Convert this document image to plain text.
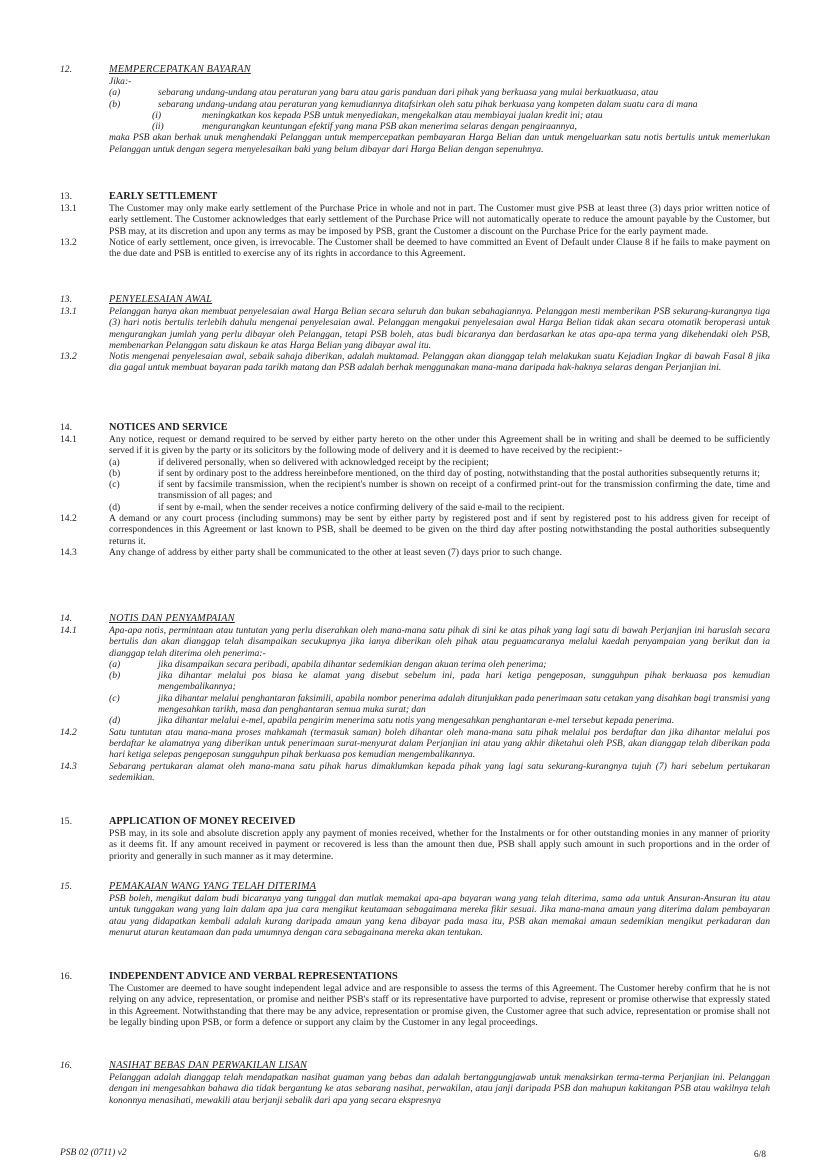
12.	MEMPERCEPATKAN BAYARAN
Jika:-
(a)	sebarang undang-undang atau peraturan yang baru atau garis panduan dari pihak yang berkuasa yang mulai berkuatkuasa, atau
(b)	sebarang undang-undang atau peraturan yang kemudiannya ditafsirkan oleh satu pihak berkuasa yang kompeten dalam suatu cara di mana
(i)	meningkatkan kos kepada PSB untuk menyediakan, mengekalkan atau membiayai jualan kredit ini; atau
(ii)	mengurangkan keuntungan efektif yang mana PSB akan menerima selaras dengan pengiraannya,
maka PSB akan berhak unuk menghendaki Pelanggan untuk mempercepatkan pembayaran Harga Belian dan untuk mengeluarkan satu notis bertulis untuk memerlukan Pelanggan untuk dengan segera menyelesaikan baki yang belum dibayar dari Harga Belian dengan sepenuhnya.
13.	EARLY SETTLEMENT
13.1	The Customer may only make early settlement of the Purchase Price in whole and not in part. The Customer must give PSB at least three (3) days prior written notice of early settlement. The Customer acknowledges that early settlement of the Purchase Price will not automatically operate to reduce the amount payable by the Customer, but PSB may, at its discretion and upon any terms as may be imposed by PSB, grant the Customer a discount on the Purchase Price for the early payment made.
13.2	Notice of early settlement, once given, is irrevocable. The Customer shall be deemed to have committed an Event of Default under Clause 8 if he fails to make payment on the due date and PSB is entitled to exercise any of its rights in accordance to this Agreement.
13.	PENYELESAIAN AWAL
13.1	Pelanggan hanya akan membuat penyelesaian awal Harga Belian secara seluruh dan bukan sebahagiannya. Pelanggan mesti memberikan PSB sekurang-kurangnya tiga (3) hari notis bertulis terlebih dahulu mengenai penyelesaian awal. Pelanggan mengakui penyelesaian awal Harga Belian tidak akan secara otomatik beroperasi untuk mengurangkan jumlah yang perlu dibayar oleh Pelanggan, tetapi PSB boleh, atas budi bicaranya dan berdasarkan ke atas apa-apa terma yang dikehendaki oleh PSB, membenarkan Pelanggan satu diskaun ke atas Harga Belian yang dibayar awal itu.
13.2	Notis mengenai penyelesaian awal, sebaik sahaja diberikan, adalah muktamad. Pelanggan akan dianggap telah melakukan suatu Kejadian Ingkar di bawah Fasal 8 jika dia gagal untuk membuat bayaran pada tarikh matang dan PSB adalah berhak menggunakan mana-mana daripada hak-haknya selaras dengan Perjanjian ini.
14.	NOTICES AND SERVICE
14.1	Any notice, request or demand required to be served by either party hereto on the other under this Agreement shall be in writing and shall be deemed to be sufficiently served if it is given by the party or its solicitors by the following mode of delivery and it is deemed to have received by the recipient:-
(a)	if delivered personally, when so delivered with acknowledged receipt by the recipient;
(b)	if sent by ordinary post to the address hereinbefore mentioned, on the third day of posting, notwithstanding that the postal authorities subsequently returns it;
(c)	if sent by facsimile transmission, when the recipient's number is shown on receipt of a confirmed print-out for the transmission confirming the date, time and transmission of all pages; and
(d)	if sent by e-mail, when the sender receives a notice confirming delivery of the said e-mail to the recipient.
14.2	A demand or any court process (including summons) may be sent by either party by registered post and if sent by registered post to his address given for receipt of correspondences in this Agreement or last known to PSB, shall be deemed to be given on the third day after posting notwithstanding the postal authorities subsequently returns it.
14.3	Any change of address by either party shall be communicated to the other at least seven (7) days prior to such change.
14.	NOTIS DAN PENYAMPAIAN
14.1	Apa-apa notis, permintaan atau tuntutan yang perlu diserahkan oleh mana-mana satu pihak di sini ke atas pihak yang lagi satu di bawah Perjanjian ini haruslah secara bertulis dan akan dianggap telah disampaikan secukupnya jika ianya diberikan oleh pihak atau peguamcaranya melalui kaedah penyampaian yang berikut dan ia dianggap telah diterima oleh penerima:-
(a)	jika disampaikan secara peribadi, apabila dihantar sedemikian dengan akuan terima oleh penerima;
(b)	jika dihantar melalui pos biasa ke alamat yang disebut sebelum ini, pada hari ketiga pengeposan, sungguhpun pihak berkuasa pos kemudian mengembalikannya;
(c)	jika dihantar melalui penghantaran faksimili, apabila nombor penerima adalah ditunjukkan pada penerimaan satu cetakan yang disahkan bagi transmisi yang mengesahkan tarikh, masa dan penghantaran semua muka surat; dan
(d)	jika dihantar melalui e-mel, apabila pengirim menerima satu notis yang mengesahkan penghantaran e-mel tersebut kepada penerima.
14.2	Satu tuntutan atau mana-mana proses mahkamah (termasuk saman) boleh dihantar oleh mana-mana satu pihak melalui pos berdaftar dan jika dihantar melalui pos berdaftar ke alamatnya yang diberikan untuk penerimaan surat-menyurat dalam Perjanjian ini atau yang akhir diketahui oleh PSB, akan dianggap telah diberikan pada hari ketiga selepas pengeposan sungguhpun pihak berkuasa pos kemudian mengembalikannya.
14.3	Sebarang pertukaran alamat oleh mana-mana satu pihak harus dimaklumkan kepada pihak yang lagi satu sekurang-kurangnya tujuh (7) hari sebelum pertukaran sedemikian.
15.	APPLICATION OF MONEY RECEIVED
PSB may, in its sole and absolute discretion apply any payment of monies received, whether for the Instalments or for other outstanding monies in any manner of priority as it deems fit. If any amount received in payment or recovered is less than the amount then due, PSB shall apply such amount in such proportions and in the order of priority and generally in such manner as it may determine.
15.	PEMAKAIAN WANG YANG TELAH DITERIMA
PSB boleh, mengikut dalam budi bicaranya yang tunggal dan mutlak memakai apa-apa bayaran wang yang telah diterima, sama ada untuk Ansuran-Ansuran itu atau untuk tunggakan wang yang lain dalam apa jua cara mengikut keutamaan sebagaimana mereka fikir sesuai. Jika mana-mana amaun yang diterima dalam pembayaran atau yang didapatkan kembali adalah kurang daripada amaun yang kena dibayar pada masa itu, PSB akan memakai amaun sedemikian mengikut perkadaran dan menurut aturan keutamaan dan pada umumnya dengan cara sebagainana mereka akan tentukan.
16.	INDEPENDENT ADVICE AND VERBAL REPRESENTATIONS
The Customer are deemed to have sought independent legal advice and are responsible to assess the terms of this Agreement. The Customer hereby confirm that he is not relying on any advice, representation, or promise and neither PSB's staff or its representative have purported to advise, represent or promise otherwise that expressly stated in this Agreement. Notwithstanding that there may be any advice, representation or promise given, the Customer agree that such advice, representation or promise shall not be legally binding upon PSB, or form a defence or support any claim by the Customer in any legal proceedings.
16.	NASIHAT BEBAS DAN PERWAKILAN LISAN
Pelanggan adalah dianggap telah mendapatkan nasihat guaman yang bebas dan adalah bertanggungjawab untuk menaksirkan terma-terma Perjanjian ini. Pelanggan dengan ini mengesahkan bahawa dia tidak bergantung ke atas sebarang nasihat, perwakilan, atau janji daripada PSB dan mahupun kakitangan PSB atau wakilnya telah kononnya menasihati, mewakili atau berjanji sebalik dari apa yang secara ekspresnya
PSB 02 (0711) v2	6/8
